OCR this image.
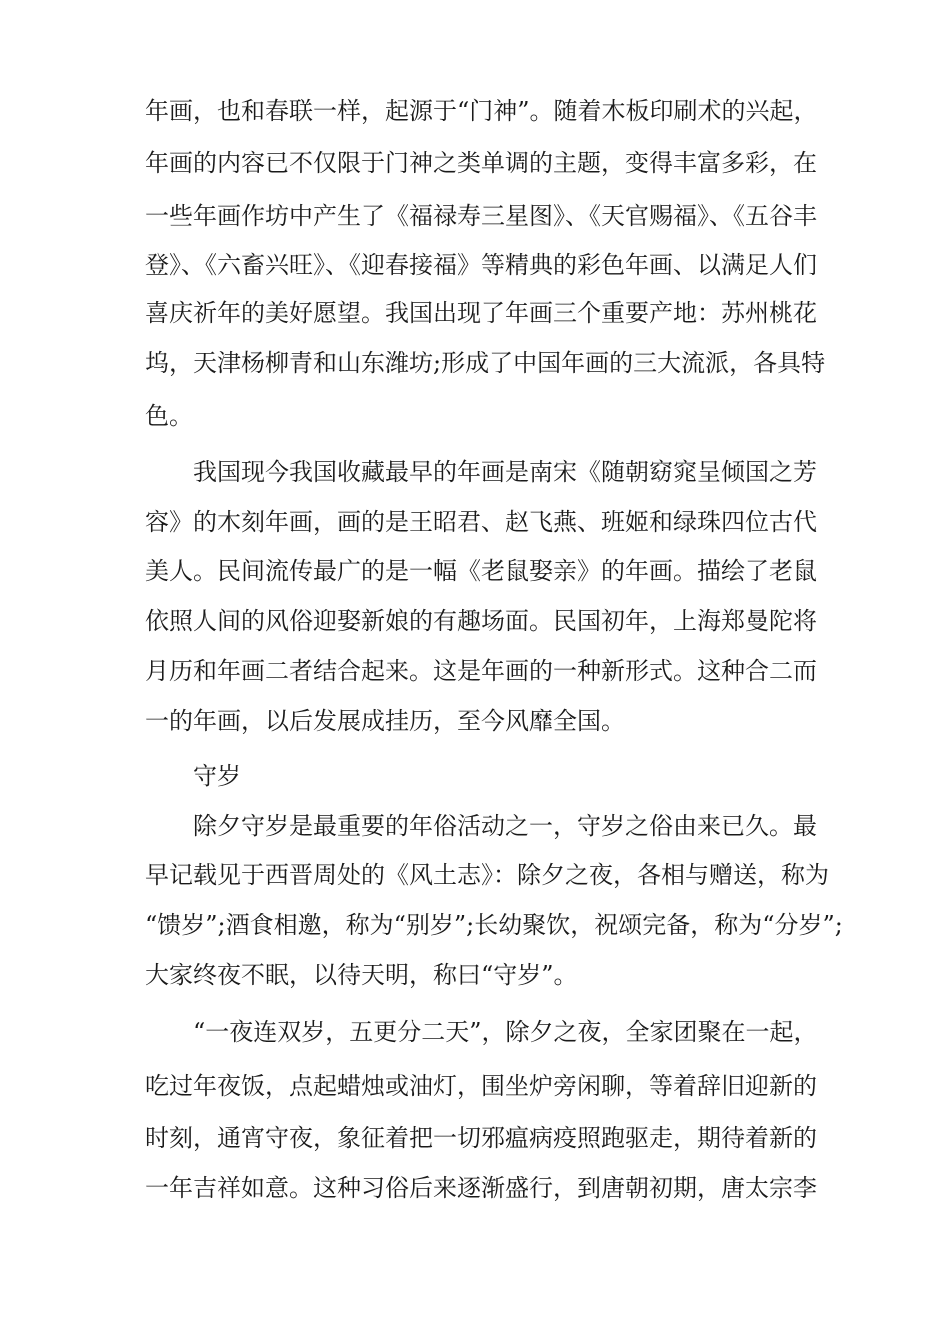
年画，也和春联一样，起源于“门神”。随着木板印刷术的兴起，
年画的内容已不仅限于门神之类单调的主题，变得丰富多彩，在
一些年画作坊中产生了《福禄寿三星图》、《天官赐福》、《五谷丰
登》、《六畜兴旺》、《迎春接福》等精典的彩色年画、以满足人们
喜庆祈年的美好愿望。我国出现了年画三个重要产地：苏州桃花
坞，天津杨柳青和山东潍坊;形成了中国年画的三大流派，各具特
色。
我国现今我国收藏最早的年画是南宋《随朝窈窕呈倾国之芳
容》的木刻年画，画的是王昭君、赵飞燕、班姬和绿珠四位古代
美人。民间流传最广的是一幅《老鼠娶亲》的年画。描绘了老鼠
依照人间的风俗迎娶新娘的有趣场面。民国初年，上海郑曼陀将
月历和年画二者结合起来。这是年画的一种新形式。这种合二而
一的年画，以后发展成挂历，至今风靡全国。
守岁
除夕守岁是最重要的年俗活动之一，守岁之俗由来已久。最
早记载见于西晋周处的《风土志》：除夕之夜，各相与赠送，称为
“馈岁”;酒食相邀，称为“别岁”;长幼聚饮，祝颂完备，称为“分岁”;
大家终夜不眠，以待天明，称曰“守岁”。
“一夜连双岁，五更分二天”，除夕之夜，全家团聚在一起，
吃过年夜饭，点起蜡烛或油灯，围坐炉旁闲聊，等着辞旧迎新的
时刻，通宵守夜，象征着把一切邪瘟病疫照跑驱走，期待着新的
一年吉祥如意。这种习俗后来逐渐盛行，到唐朝初期，唐太宗李
